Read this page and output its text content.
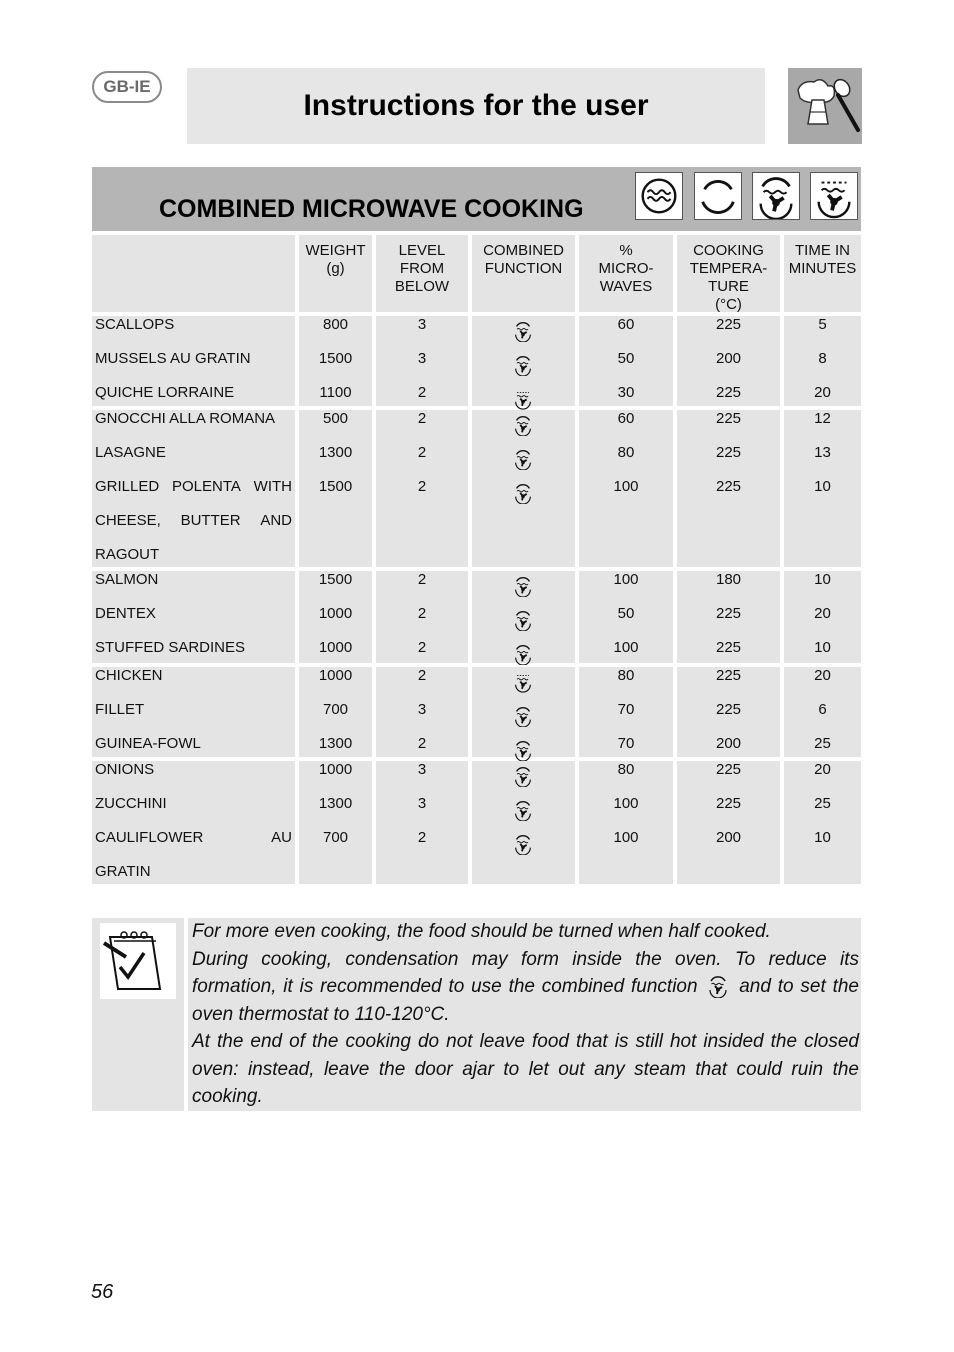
GB-IE
Instructions for the user
COMBINED MICROWAVE COOKING
WEIGHT
(g)
LEVEL
FROM
BELOW
COMBINED
FUNCTION
%
MICRO-
WAVES
COOKING
TEMPERA-
TURE
(°C)
TIME IN
MINUTES
SCALLOPS
MUSSELS AU GRATIN
QUICHE LORRAINE
800
1500
1100
3
3
2
60
50
30
225
200
225
5
8
20
GNOCCHI ALLA ROMANA
LASAGNE
GRILLED POLENTA WITH
CHEESE, BUTTER AND
RAGOUT
500
1300
1500
2
2
2
60
80
100
225
225
225
12
13
10
SALMON
DENTEX
STUFFED SARDINES
1500
1000
1000
2
2
2
100
50
100
180
225
225
10
20
10
CHICKEN
FILLET
GUINEA-FOWL
1000
700
1300
2
3
2
80
70
70
225
225
200
20
6
25
ONIONS
ZUCCHINI
CAULIFLOWER	AU
GRATIN
1000
1300
700
3
3
2
80
100
100
225
225
200
20
25
10

For more even cooking, the food should be turned when half cooked.

During cooking, condensation may form inside the oven. To reduce its formation, it is recommended to use the combined function and to set the oven thermostat to 110-120°C.

At the end of the cooking do not leave food that is still hot insided the closed oven: instead, leave the door ajar to let out any steam that could ruin the cooking.

56
